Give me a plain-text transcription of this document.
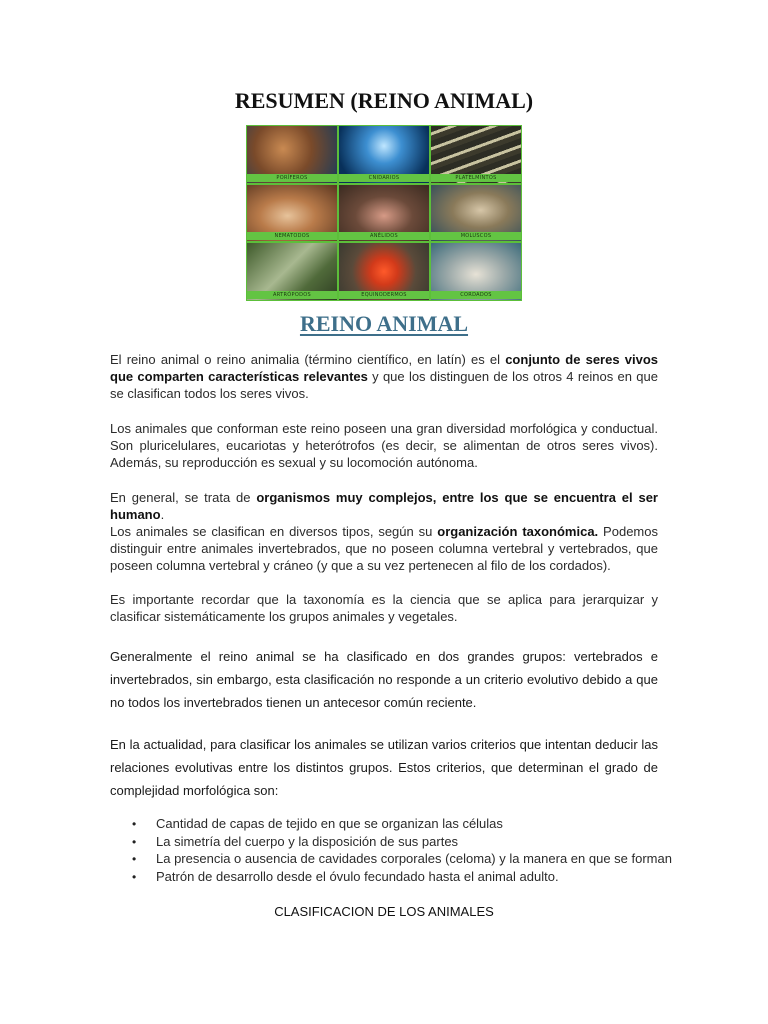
RESUMEN (REINO ANIMAL)
PORÍFEROS	CNIDARIOS	PLATELMINTOS
NEMATODOS	ANÉLIDOS	MOLUSCOS
ARTRÓPODOS	EQUINODERMOS	CORDADOS
REINO ANIMAL

El reino animal o reino animalia (término científico, en latín) es el conjunto de seres vivos que comparten características relevantes y que los distinguen de los otros 4 reinos en que se clasifican todos los seres vivos.

Los animales que conforman este reino poseen una gran diversidad morfológica y conductual. Son pluricelulares, eucariotas y heterótrofos (es decir, se alimentan de otros seres vivos). Además, su reproducción es sexual y su locomoción autónoma.

En general, se trata de organismos muy complejos, entre los que se encuentra el ser humano.

Los animales se clasifican en diversos tipos, según su organización taxonómica. Podemos distinguir entre animales invertebrados, que no poseen columna vertebral y vertebrados, que poseen columna vertebral y cráneo (y que a su vez pertenecen al filo de los cordados).

Es importante recordar que la taxonomía es la ciencia que se aplica para jerarquizar y clasificar sistemáticamente los grupos animales y vegetales.

Generalmente el reino animal se ha clasificado en dos grandes grupos: vertebrados e invertebrados, sin embargo, esta clasificación no responde a un criterio evolutivo debido a que no todos los invertebrados tienen un antecesor común reciente.

En la actualidad, para clasificar los animales se utilizan varios criterios que intentan deducir las relaciones evolutivas entre los distintos grupos. Estos criterios, que determinan el grado de complejidad morfológica son:

• Cantidad de capas de tejido en que se organizan las células
• La simetría del cuerpo y la disposición de sus partes
• La presencia o ausencia de cavidades corporales (celoma) y la manera en que se forman
• Patrón de desarrollo desde el óvulo fecundado hasta el animal adulto.

CLASIFICACION DE LOS ANIMALES
